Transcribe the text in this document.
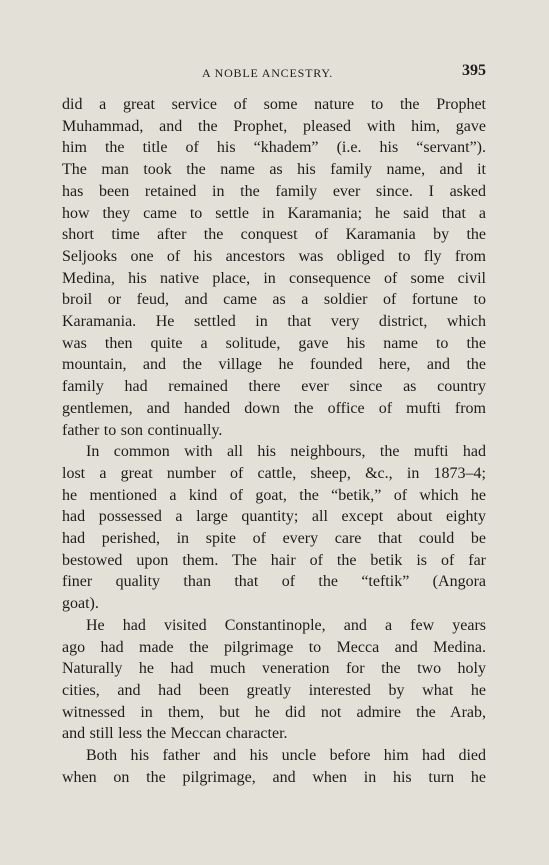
A NOBLE ANCESTRY.	395
did a great service of some nature to the Prophet
Muhammad, and the Prophet, pleased with him, gave
him the title of his “khadem” (i.e. his “servant”).
The man took the name as his family name, and it
has been retained in the family ever since. I asked
how they came to settle in Karamania; he said that a
short time after the conquest of Karamania by the
Seljooks one of his ancestors was obliged to fly from
Medina, his native place, in consequence of some civil
broil or feud, and came as a soldier of fortune to
Karamania. He settled in that very district, which
was then quite a solitude, gave his name to the
mountain, and the village he founded here, and the
family had remained there ever since as country
gentlemen, and handed down the office of mufti from
father to son continually.
In common with all his neighbours, the mufti had
lost a great number of cattle, sheep, &c., in 1873–4;
he mentioned a kind of goat, the “betik,” of which he
had possessed a large quantity; all except about eighty
had perished, in spite of every care that could be
bestowed upon them. The hair of the betik is of far
finer quality than that of the “teftik” (Angora
goat).
He had visited Constantinople, and a few years
ago had made the pilgrimage to Mecca and Medina.
Naturally he had much veneration for the two holy
cities, and had been greatly interested by what he
witnessed in them, but he did not admire the Arab,
and still less the Meccan character.
Both his father and his uncle before him had died
when on the pilgrimage, and when in his turn he
